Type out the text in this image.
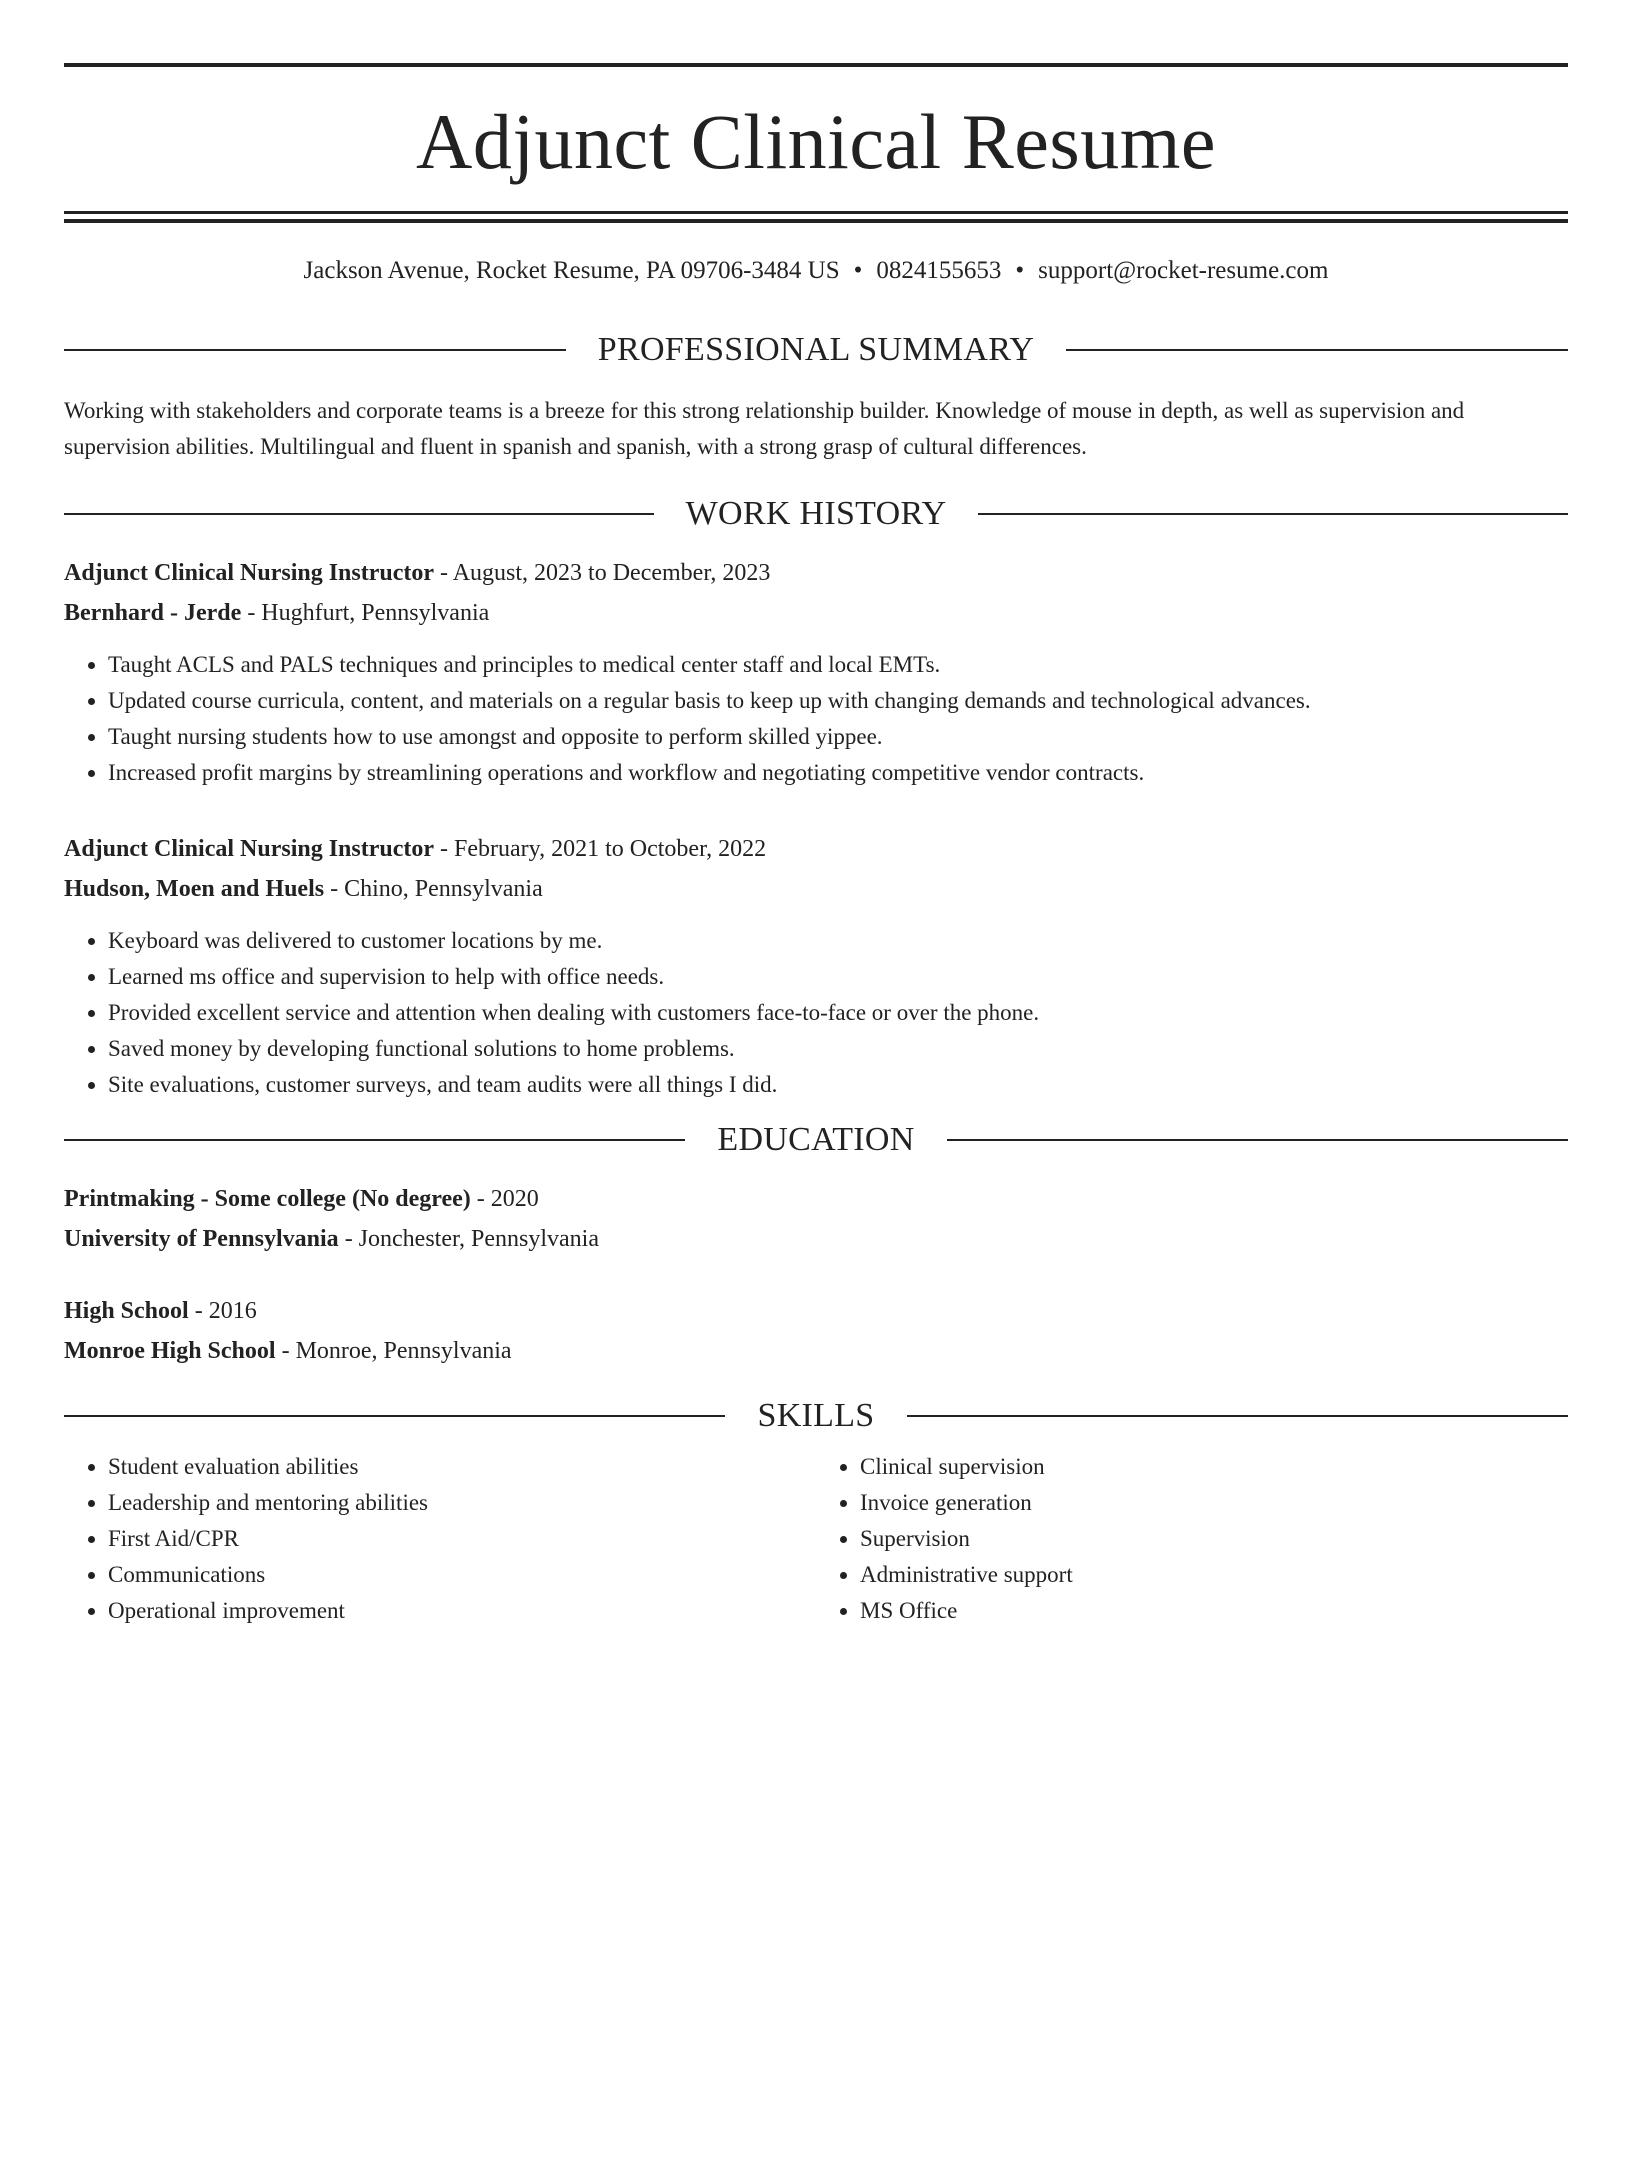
Adjunct Clinical Resume
Jackson Avenue, Rocket Resume, PA 09706-3484 US • 0824155653 • support@rocket-resume.com
PROFESSIONAL SUMMARY
Working with stakeholders and corporate teams is a breeze for this strong relationship builder. Knowledge of mouse in depth, as well as supervision and supervision abilities. Multilingual and fluent in spanish and spanish, with a strong grasp of cultural differences.
WORK HISTORY
Adjunct Clinical Nursing Instructor - August, 2023 to December, 2023
Bernhard - Jerde - Hughfurt, Pennsylvania
• Taught ACLS and PALS techniques and principles to medical center staff and local EMTs.
• Updated course curricula, content, and materials on a regular basis to keep up with changing demands and technological advances.
• Taught nursing students how to use amongst and opposite to perform skilled yippee.
• Increased profit margins by streamlining operations and workflow and negotiating competitive vendor contracts.
Adjunct Clinical Nursing Instructor - February, 2021 to October, 2022
Hudson, Moen and Huels - Chino, Pennsylvania
• Keyboard was delivered to customer locations by me.
• Learned ms office and supervision to help with office needs.
• Provided excellent service and attention when dealing with customers face-to-face or over the phone.
• Saved money by developing functional solutions to home problems.
• Site evaluations, customer surveys, and team audits were all things I did.
EDUCATION
Printmaking - Some college (No degree) - 2020
University of Pennsylvania - Jonchester, Pennsylvania
High School - 2016
Monroe High School - Monroe, Pennsylvania
SKILLS
• Student evaluation abilities
• Leadership and mentoring abilities
• First Aid/CPR
• Communications
• Operational improvement
• Clinical supervision
• Invoice generation
• Supervision
• Administrative support
• MS Office
